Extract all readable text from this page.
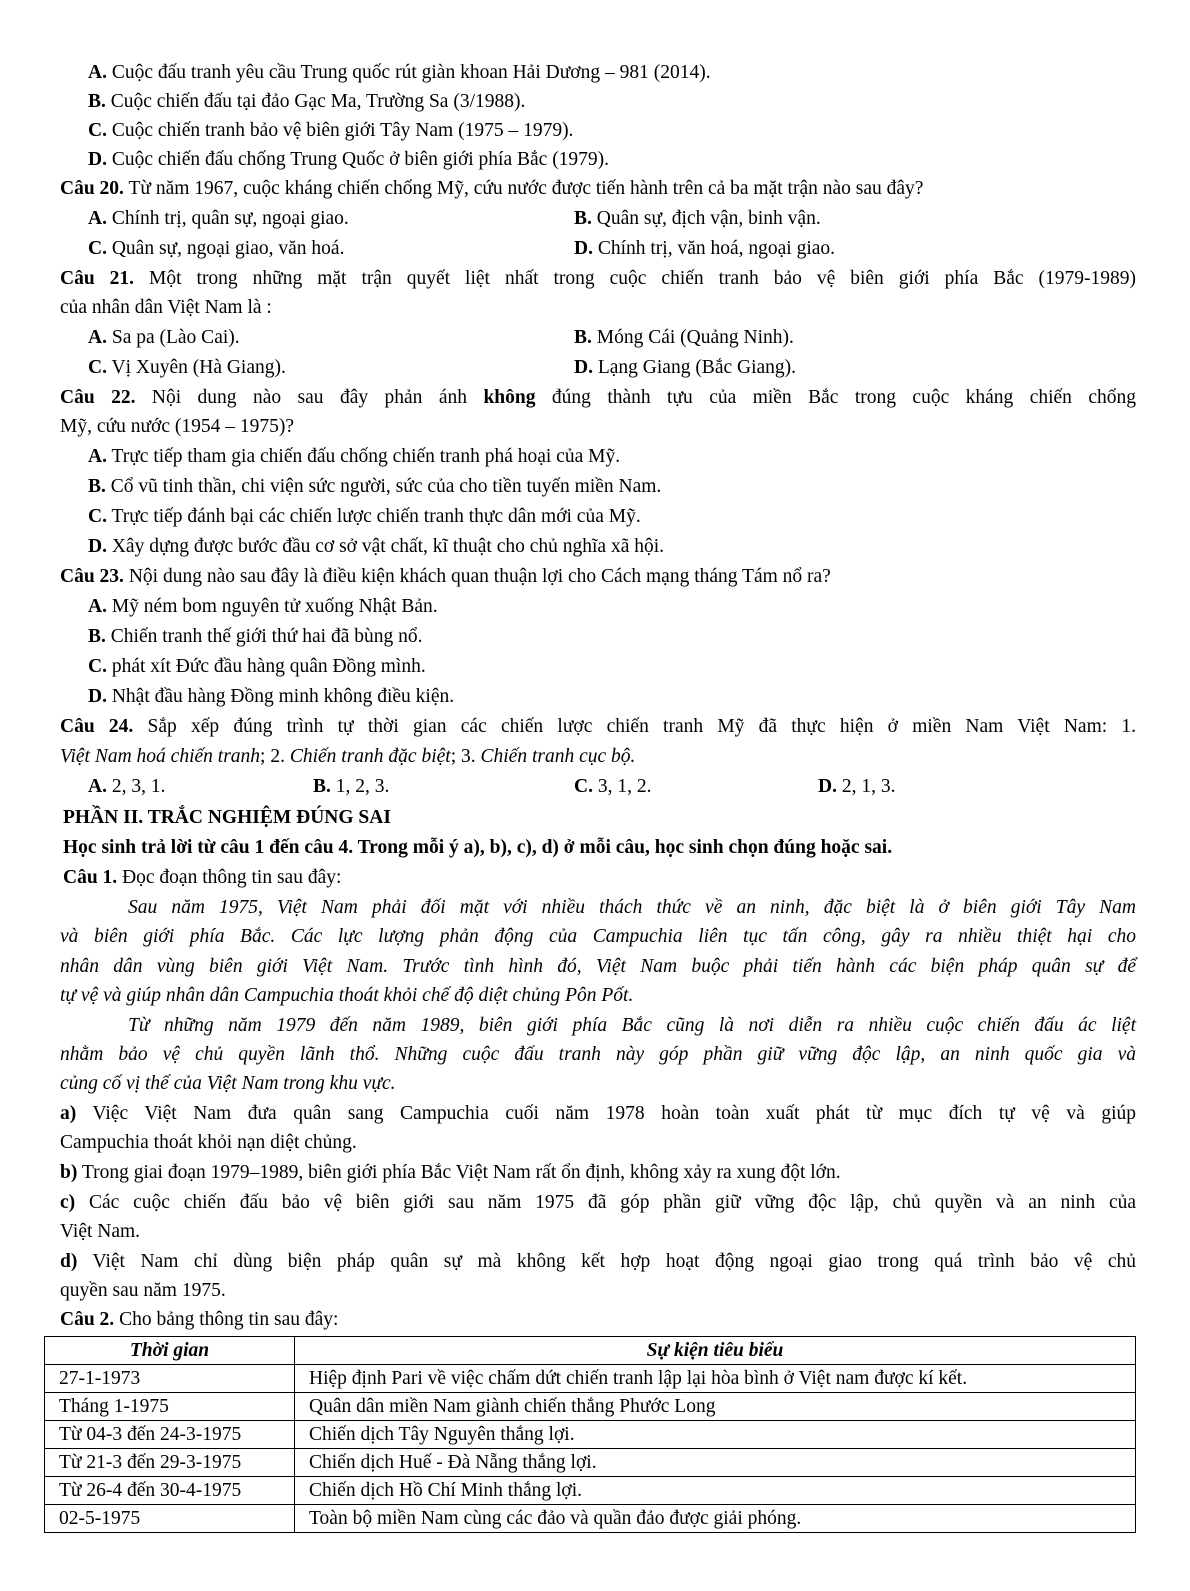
A. Cuộc đấu tranh yêu cầu Trung quốc rút giàn khoan Hải Dương – 981 (2014).
B. Cuộc chiến đấu tại đảo Gạc Ma, Trường Sa (3/1988).
C. Cuộc chiến tranh bảo vệ biên giới Tây Nam (1975 – 1979).
D. Cuộc chiến đấu chống Trung Quốc ở biên giới phía Bắc (1979).
Câu 20. Từ năm 1967, cuộc kháng chiến chống Mỹ, cứu nước được tiến hành trên cả ba mặt trận nào sau đây?
A. Chính trị, quân sự, ngoại giao.	B. Quân sự, địch vận, binh vận.
C. Quân sự, ngoại giao, văn hoá.	D. Chính trị, văn hoá, ngoại giao.
Câu 21. Một trong những mặt trận quyết liệt nhất trong cuộc chiến tranh bảo vệ biên giới phía Bắc (1979-1989)
của nhân dân Việt Nam là :
A. Sa pa (Lào Cai).	B. Móng Cái (Quảng Ninh).
C. Vị Xuyên (Hà Giang).	D. Lạng Giang (Bắc Giang).
Câu 22. Nội dung nào sau đây phản ánh không đúng thành tựu của miền Bắc trong cuộc kháng chiến chống
Mỹ, cứu nước (1954 – 1975)?
A. Trực tiếp tham gia chiến đấu chống chiến tranh phá hoại của Mỹ.
B. Cổ vũ tinh thần, chi viện sức người, sức của cho tiền tuyến miền Nam.
C. Trực tiếp đánh bại các chiến lược chiến tranh thực dân mới của Mỹ.
D. Xây dựng được bước đầu cơ sở vật chất, kĩ thuật cho chủ nghĩa xã hội.
Câu 23. Nội dung nào sau đây là điều kiện khách quan thuận lợi cho Cách mạng tháng Tám nổ ra?
A. Mỹ ném bom nguyên tử xuống Nhật Bản.
B. Chiến tranh thế giới thứ hai đã bùng nổ.
C. phát xít Đức đầu hàng quân Đồng mình.
D. Nhật đầu hàng Đồng minh không điều kiện.
Câu 24. Sắp xếp đúng trình tự thời gian các chiến lược chiến tranh Mỹ đã thực hiện ở miền Nam Việt Nam: 1.
Việt Nam hoá chiến tranh; 2. Chiến tranh đặc biệt; 3. Chiến tranh cục bộ.
A. 2, 3, 1.	B. 1, 2, 3.	C. 3, 1, 2.	D. 2, 1, 3.
PHẦN II. TRẮC NGHIỆM ĐÚNG SAI
Học sinh trả lời từ câu 1 đến câu 4. Trong mỗi ý a), b), c), d) ở mỗi câu, học sinh chọn đúng hoặc sai.
Câu 1. Đọc đoạn thông tin sau đây:
Sau năm 1975, Việt Nam phải đối mặt với nhiều thách thức về an ninh, đặc biệt là ở biên giới Tây Nam
và biên giới phía Bắc. Các lực lượng phản động của Campuchia liên tục tấn công, gây ra nhiều thiệt hại cho
nhân dân vùng biên giới Việt Nam. Trước tình hình đó, Việt Nam buộc phải tiến hành các biện pháp quân sự để
tự vệ và giúp nhân dân Campuchia thoát khỏi chế độ diệt chủng Pôn Pốt.
Từ những năm 1979 đến năm 1989, biên giới phía Bắc cũng là nơi diễn ra nhiều cuộc chiến đấu ác liệt
nhằm bảo vệ chủ quyền lãnh thổ. Những cuộc đấu tranh này góp phần giữ vững độc lập, an ninh quốc gia và
củng cố vị thế của Việt Nam trong khu vực.
a) Việc Việt Nam đưa quân sang Campuchia cuối năm 1978 hoàn toàn xuất phát từ mục đích tự vệ và giúp
Campuchia thoát khỏi nạn diệt chủng.
b) Trong giai đoạn 1979–1989, biên giới phía Bắc Việt Nam rất ổn định, không xảy ra xung đột lớn.
c) Các cuộc chiến đấu bảo vệ biên giới sau năm 1975 đã góp phần giữ vững độc lập, chủ quyền và an ninh của
Việt Nam.
d) Việt Nam chỉ dùng biện pháp quân sự mà không kết hợp hoạt động ngoại giao trong quá trình bảo vệ chủ
quyền sau năm 1975.
Câu 2. Cho bảng thông tin sau đây:
Thời gian	Sự kiện tiêu biểu
27-1-1973	Hiệp định Pari về việc chấm dứt chiến tranh lập lại hòa bình ở Việt nam được kí kết.
Tháng 1-1975	Quân dân miền Nam giành chiến thắng Phước Long
Từ 04-3 đến 24-3-1975	Chiến dịch Tây Nguyên thắng lợi.
Từ 21-3 đến 29-3-1975	Chiến dịch Huế - Đà Nẵng thắng lợi.
Từ 26-4 đến 30-4-1975	Chiến dịch Hồ Chí Minh thắng lợi.
02-5-1975	Toàn bộ miền Nam cùng các đảo và quần đảo được giải phóng.
